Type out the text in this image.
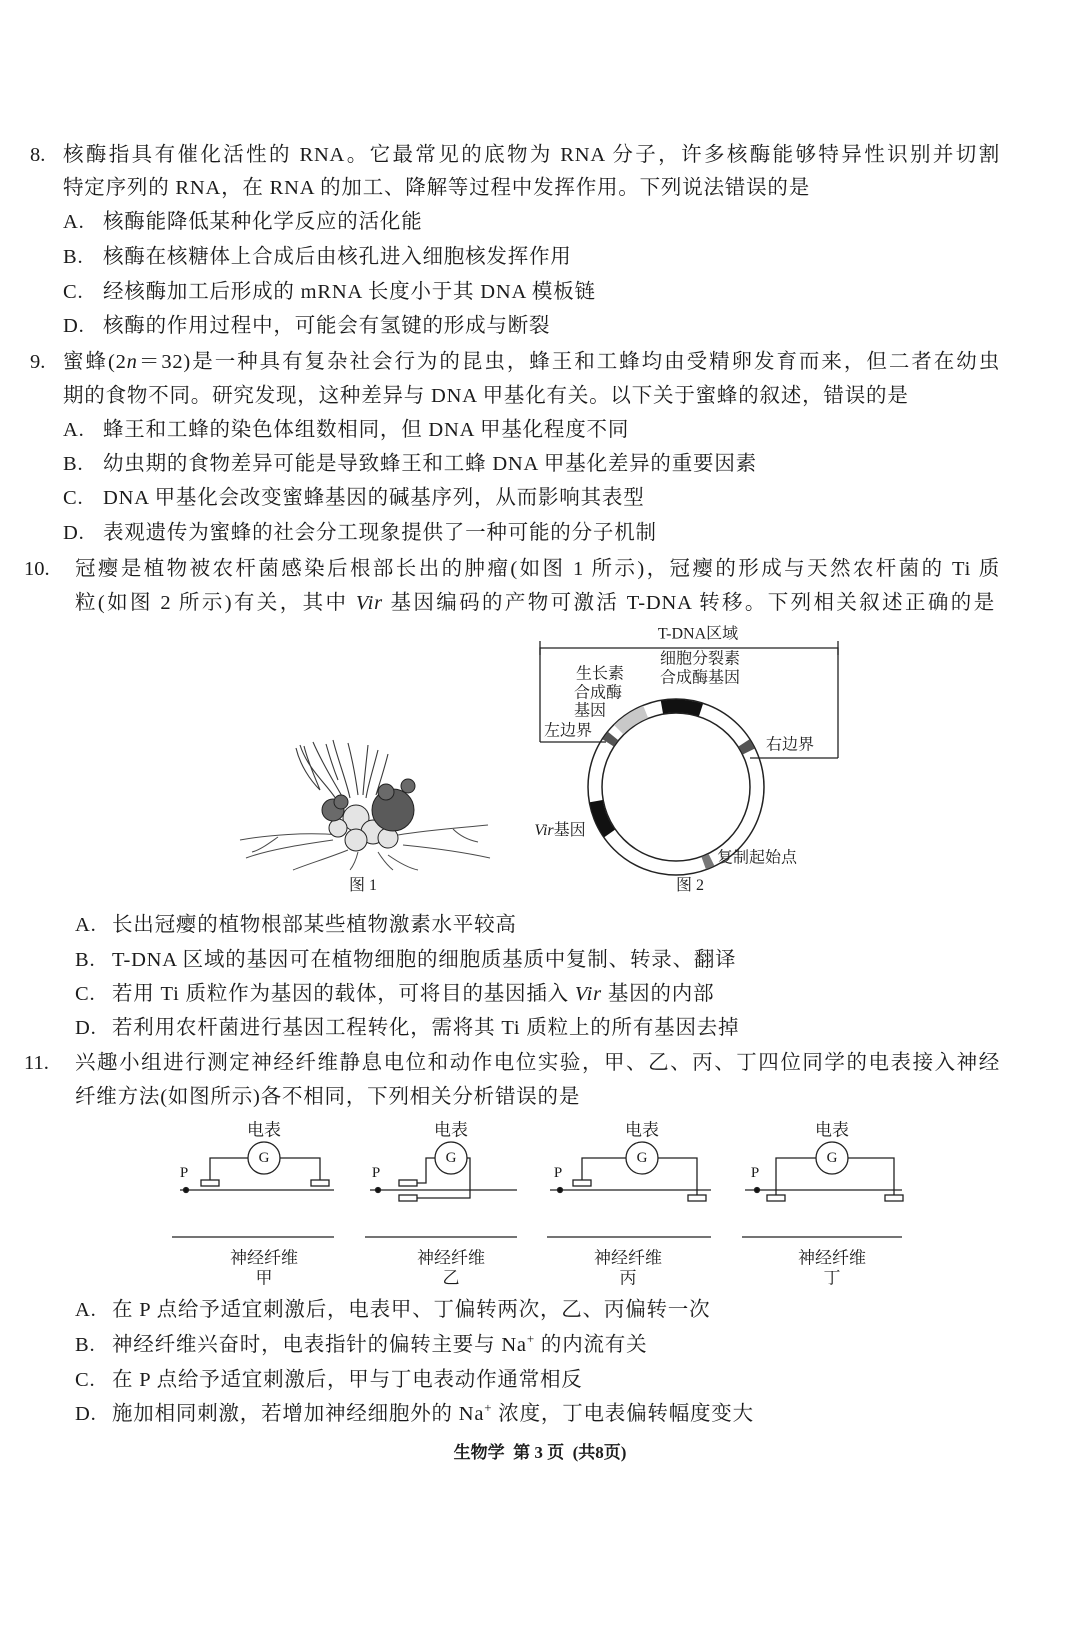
8. 核酶指具有催化活性的 RNA。它最常见的底物为 RNA 分子，许多核酶能够特异性识别并切割
特定序列的 RNA，在 RNA 的加工、降解等过程中发挥作用。下列说法错误的是
A. 核酶能降低某种化学反应的活化能
B. 核酶在核糖体上合成后由核孔进入细胞核发挥作用
C. 经核酶加工后形成的 mRNA 长度小于其 DNA 模板链
D. 核酶的作用过程中，可能会有氢键的形成与断裂
9. 蜜蜂(2n＝32)是一种具有复杂社会行为的昆虫，蜂王和工蜂均由受精卵发育而来，但二者在幼虫
期的食物不同。研究发现，这种差异与 DNA 甲基化有关。以下关于蜜蜂的叙述，错误的是
A. 蜂王和工蜂的染色体组数相同，但 DNA 甲基化程度不同
B. 幼虫期的食物差异可能是导致蜂王和工蜂 DNA 甲基化差异的重要因素
C. DNA 甲基化会改变蜜蜂基因的碱基序列，从而影响其表型
D. 表观遗传为蜜蜂的社会分工现象提供了一种可能的分子机制
10. 冠瘿是植物被农杆菌感染后根部长出的肿瘤(如图 1 所示)，冠瘿的形成与天然农杆菌的 Ti 质
粒(如图 2 所示)有关，其中 Vir 基因编码的产物可激活 T-DNA 转移。下列相关叙述正确的是
图 1
T-DNA区域
细胞分裂素
合成酶基因
生长素
合成酶
基因
左边界
右边界
Vir基因
复制起始点
图 2
A. 长出冠瘿的植物根部某些植物激素水平较高
B. T-DNA 区域的基因可在植物细胞的细胞质基质中复制、转录、翻译
C. 若用 Ti 质粒作为基因的载体，可将目的基因插入 Vir 基因的内部
D. 若利用农杆菌进行基因工程转化，需将其 Ti 质粒上的所有基因去掉
11. 兴趣小组进行测定神经纤维静息电位和动作电位实验，甲、乙、丙、丁四位同学的电表接入神经
纤维方法(如图所示)各不相同，下列相关分析错误的是
电表
G
P
神经纤维
甲
电表
G
P
神经纤维
乙
电表
G
P
神经纤维
丙
电表
G
P
神经纤维
丁
A. 在 P 点给予适宜刺激后，电表甲、丁偏转两次，乙、丙偏转一次
B. 神经纤维兴奋时，电表指针的偏转主要与 Na+ 的内流有关
C. 在 P 点给予适宜刺激后，甲与丁电表动作通常相反
D. 施加相同刺激，若增加神经细胞外的 Na+ 浓度，丁电表偏转幅度变大
生物学  第 3 页  (共8页)
